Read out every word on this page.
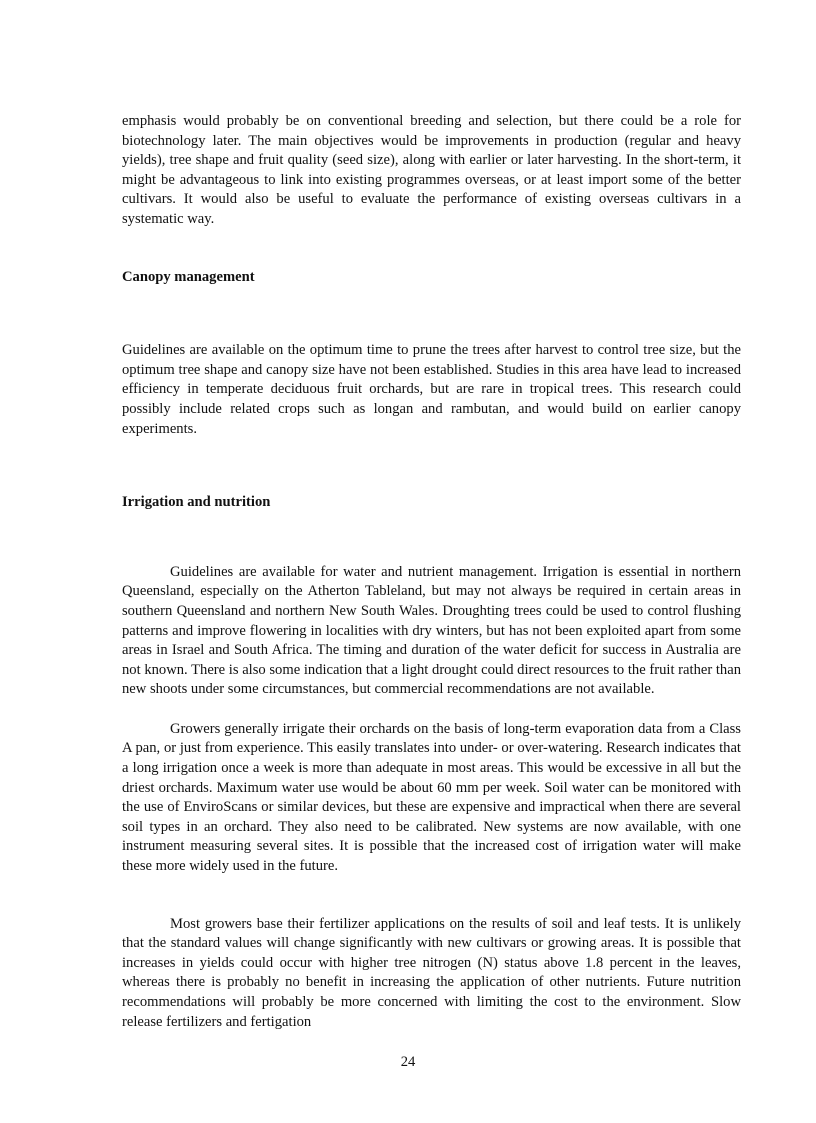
emphasis would probably be on conventional breeding and selection, but there could be a role for biotechnology later. The main objectives would be improvements in production (regular and heavy yields), tree shape and fruit quality (seed size), along with earlier or later harvesting. In the short-term, it might be advantageous to link into existing programmes overseas, or at least import some of the better cultivars. It would also be useful to evaluate the performance of existing overseas cultivars in a systematic way.

Canopy management

Guidelines are available on the optimum time to prune the trees after harvest to control tree size, but the optimum tree shape and canopy size have not been established. Studies in this area have lead to increased efficiency in temperate deciduous fruit orchards, but are rare in tropical trees. This research could possibly include related crops such as longan and rambutan, and would build on earlier canopy experiments.

Irrigation and nutrition

Guidelines are available for water and nutrient management. Irrigation is essential in northern Queensland, especially on the Atherton Tableland, but may not always be required in certain areas in southern Queensland and northern New South Wales. Droughting trees could be used to control flushing patterns and improve flowering in localities with dry winters, but has not been exploited apart from some areas in Israel and South Africa. The timing and duration of the water deficit for success in Australia are not known. There is also some indication that a light drought could direct resources to the fruit rather than new shoots under some circumstances, but commercial recommendations are not available.

Growers generally irrigate their orchards on the basis of long-term evaporation data from a Class A pan, or just from experience. This easily translates into under- or over-watering. Research indicates that a long irrigation once a week is more than adequate in most areas. This would be excessive in all but the driest orchards. Maximum water use would be about 60 mm per week. Soil water can be monitored with the use of EnviroScans or similar devices, but these are expensive and impractical when there are several soil types in an orchard. They also need to be calibrated. New systems are now available, with one instrument measuring several sites. It is possible that the increased cost of irrigation water will make these more widely used in the future.

Most growers base their fertilizer applications on the results of soil and leaf tests. It is unlikely that the standard values will change significantly with new cultivars or growing areas. It is possible that increases in yields could occur with higher tree nitrogen (N) status above 1.8 percent in the leaves, whereas there is probably no benefit in increasing the application of other nutrients. Future nutrition recommendations will probably be more concerned with limiting the cost to the environment. Slow release fertilizers and fertigation

24
